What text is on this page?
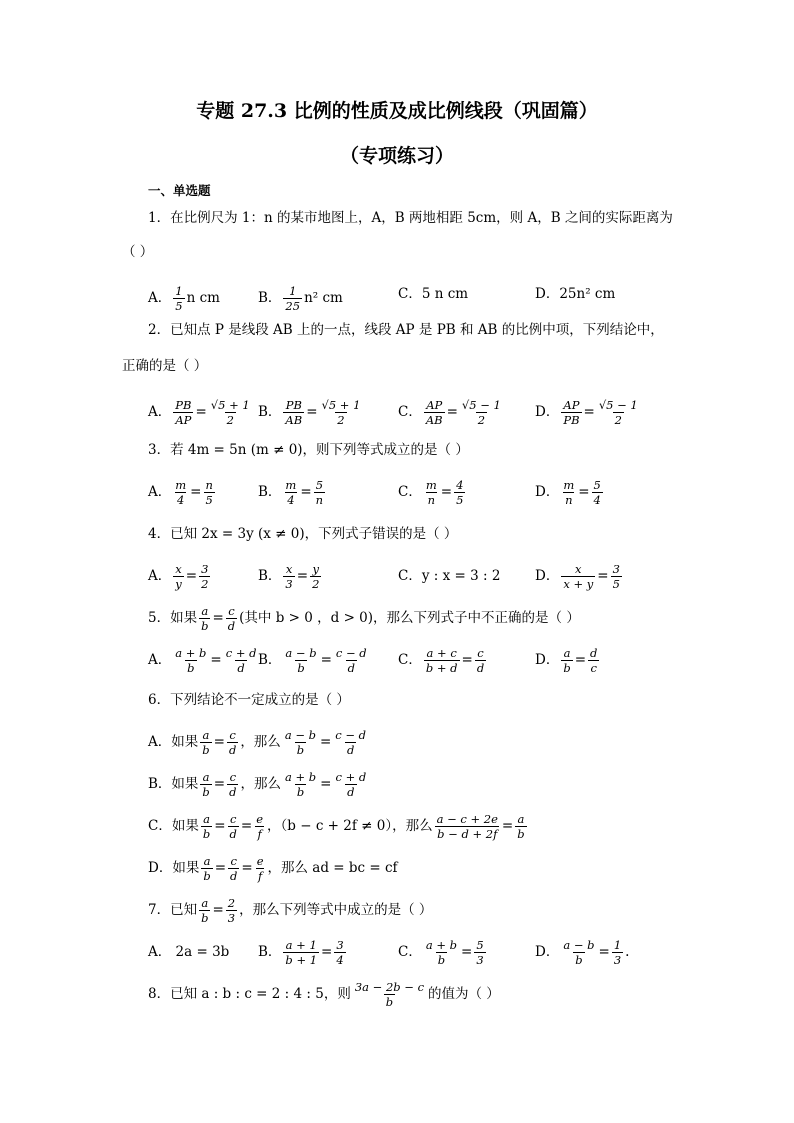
专题 27.3 比例的性质及成比例线段（巩固篇）
（专项练习）
一、单选题
1．在比例尺为 1：n 的某市地图上，A，B 两地相距 5cm，则 A，B 之间的实际距离为
（ ）
A． $\frac{1}{5}$ n cm	B． $\frac{1}{25} n^2$ cm	C．5 n cm	D．25n² cm
2．已知点 P 是线段 AB 上的一点，线段 AP 是 PB 和 AB 的比例中项，下列结论中，
正确的是（ ）
A． $\frac{PB}{AP} = \frac{√5 + 1}{2}$ B． $\frac{PB}{AB} = \frac{√5 + 1}{2}$	C． $\frac{AP}{AB} = \frac{√5 - 1}{2}$ D． $\frac{AP}{PB} = \frac{√5 - 1}{2}$
3．若 4m = 5n (m ≠ 0)，则下列等式成立的是（ ）
A． $\frac{m}{4} = \frac{n}{5}$	B． $\frac{m}{4} = \frac{5}{n}$	C． $\frac{m}{n} = \frac{4}{5}$	D． $\frac{m}{n} = \frac{5}{4}$
4．已知 2x = 3y (x ≠ 0)，下列式子错误的是（ ）
A． $\frac{x}{y} = \frac{3}{2}$	B． $\frac{x}{3} = \frac{y}{2}$	C．y : x = 3 : 2	D． $\frac{x}{x + y} = \frac{3}{5}$
5．如果 $\frac{a}{b} = \frac{c}{d}$ (其中 b > 0 ，d > 0)，那么下列式子中不正确的是（ ）
A． $\frac{a + b}{b} = \frac{c + d}{d}$ B． $\frac{a - b}{b} = \frac{c - d}{d}$ C． $\frac{a + c}{b + d} = \frac{c}{d}$	D． $\frac{a}{b} = \frac{d}{c}$
6．下列结论不一定成立的是（ ）
A．如果 $\frac{a}{b} = \frac{c}{d}$ ，那么 $\frac{a - b}{b} = \frac{c - d}{d}$
B．如果 $\frac{a}{b} = \frac{c}{d}$ ，那么 $\frac{a + b}{b} = \frac{c + d}{d}$
C．如果 $\frac{a}{b} = \frac{c}{d} = \frac{e}{f}$ ，（b − c + 2f ≠ 0），那么 $\frac{a - c + 2e}{b - d + 2f} = \frac{a}{b}$
D．如果 $\frac{a}{b} = \frac{c}{d} = \frac{e}{f}$ ，那么 ad = bc = cf
7．已知 $\frac{a}{b} = \frac{2}{3}$ ，那么下列等式中成立的是（ ）
A． 2a = 3b B． $\frac{a + 1}{b + 1} = \frac{3}{4}$	C． $\frac{a + b}{b} = \frac{5}{3}$	D． $\frac{a - b}{b} = \frac{1}{3}$ .
8．已知 a : b : c = 2 : 4 : 5，则 $\frac{3a - 2b - c}{b}$ 的值为（ ）
